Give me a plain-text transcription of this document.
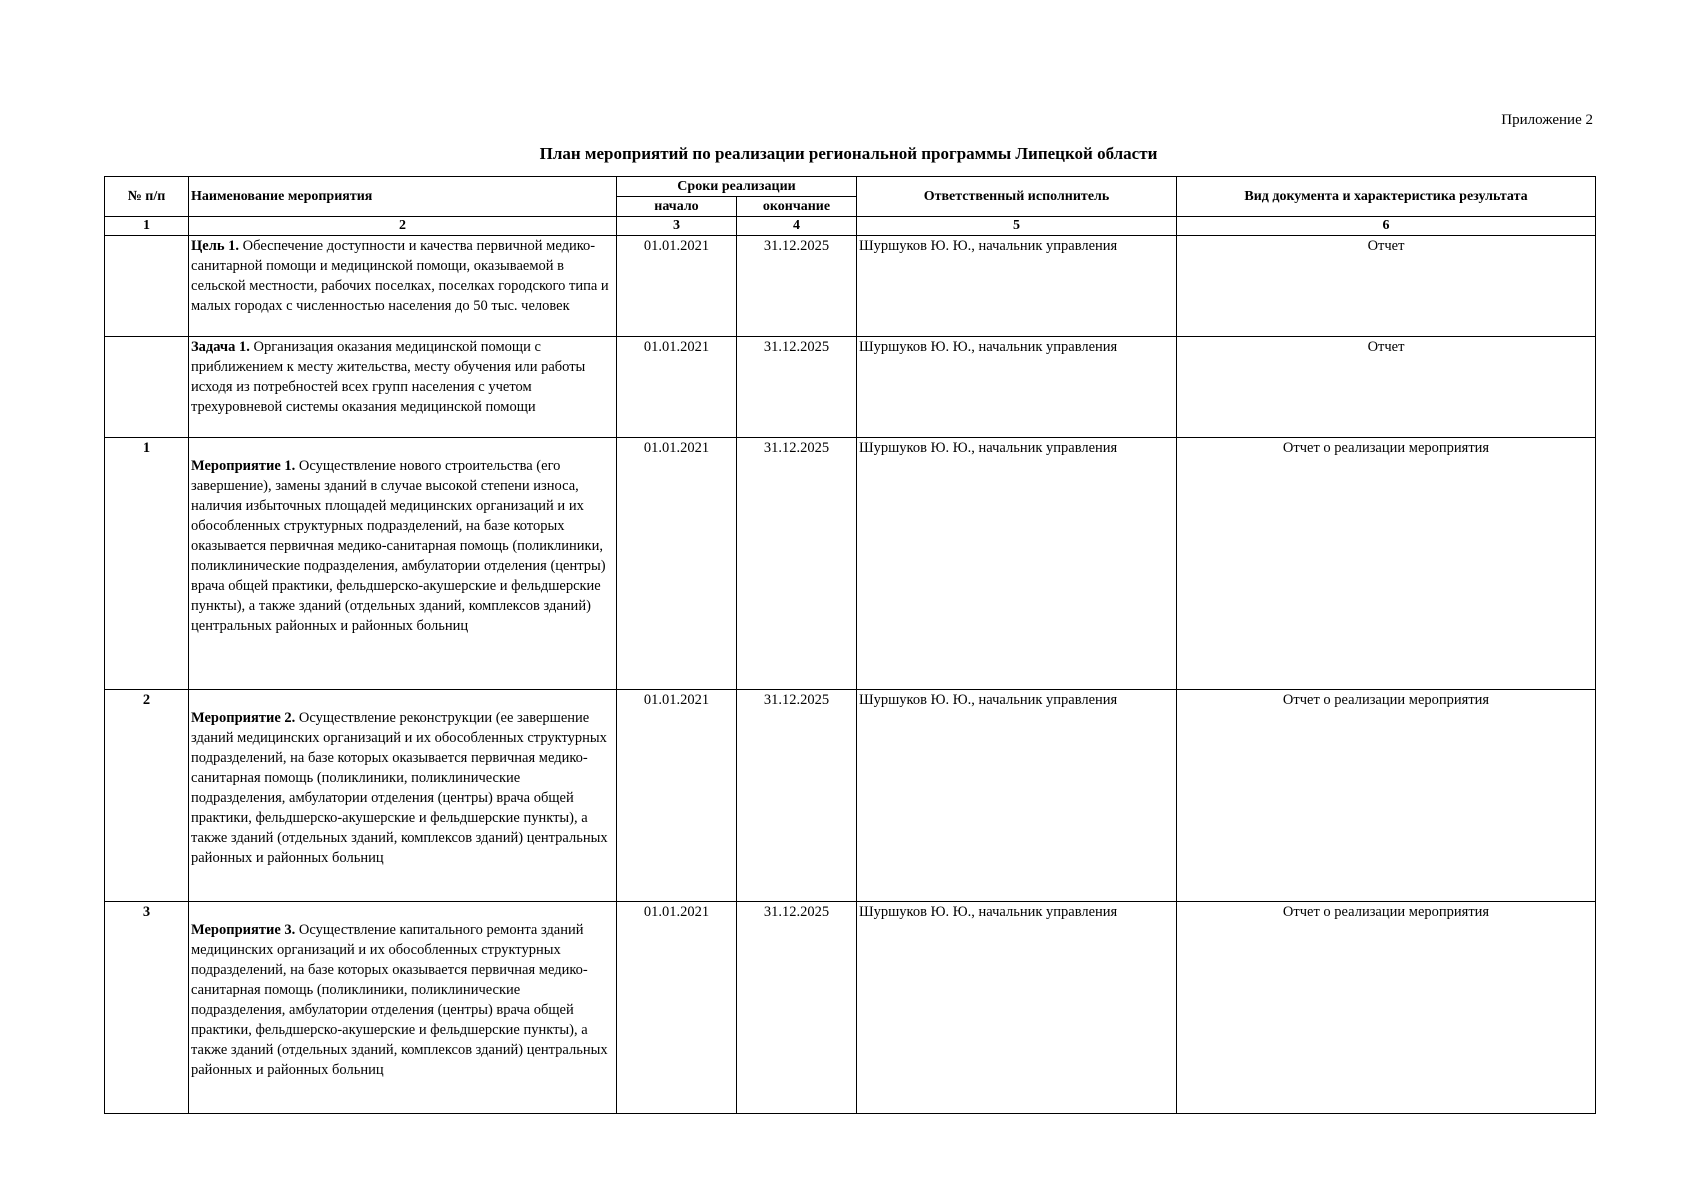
Приложение 2
План мероприятий по реализации региональной программы Липецкой области
№ п/п	Наименование мероприятия	Сроки реализации		Ответственный исполнитель	Вид документа и характеристика результата
		начало	окончание		
1	2	3	4	5	6
	Цель 1. Обеспечение доступности и качества первичной медико-санитарной помощи и медицинской помощи, оказываемой в сельской местности, рабочих поселках, поселках городского типа и малых городах с численностью населения до 50 тыс. человек	01.01.2021	31.12.2025	Шуршуков Ю. Ю., начальник управления	Отчет
	Задача 1. Организация оказания медицинской помощи с приближением к месту жительства, месту обучения или работы исходя из потребностей всех групп населения с учетом трехуровневой системы оказания медицинской помощи	01.01.2021	31.12.2025	Шуршуков Ю. Ю., начальник управления	Отчет
1	Мероприятие 1. Осуществление нового строительства (его завершение), замены зданий в случае высокой степени износа, наличия избыточных площадей медицинских организаций и их обособленных структурных подразделений, на базе которых оказывается первичная медико-санитарная помощь (поликлиники, поликлинические подразделения, амбулатории отделения (центры) врача общей практики, фельдшерско-акушерские и фельдшерские пункты), а также зданий (отдельных зданий, комплексов зданий) центральных районных и районных больниц	01.01.2021	31.12.2025	Шуршуков Ю. Ю., начальник управления	Отчет о реализации мероприятия
2	Мероприятие 2. Осуществление реконструкции (ее завершение зданий медицинских организаций и их обособленных структурных подразделений, на базе которых оказывается первичная медико-санитарная помощь (поликлиники, поликлинические подразделения, амбулатории отделения (центры) врача общей практики, фельдшерско-акушерские и фельдшерские пункты), а также зданий (отдельных зданий, комплексов зданий) центральных районных и районных больниц	01.01.2021	31.12.2025	Шуршуков Ю. Ю., начальник управления	Отчет о реализации мероприятия
3	Мероприятие 3. Осуществление капитального ремонта зданий медицинских организаций и их обособленных структурных подразделений, на базе которых оказывается первичная медико-санитарная помощь (поликлиники, поликлинические подразделения, амбулатории отделения (центры) врача общей практики, фельдшерско-акушерские и фельдшерские пункты), а также зданий (отдельных зданий, комплексов зданий) центральных районных и районных больниц	01.01.2021	31.12.2025	Шуршуков Ю. Ю., начальник управления	Отчет о реализации мероприятия
